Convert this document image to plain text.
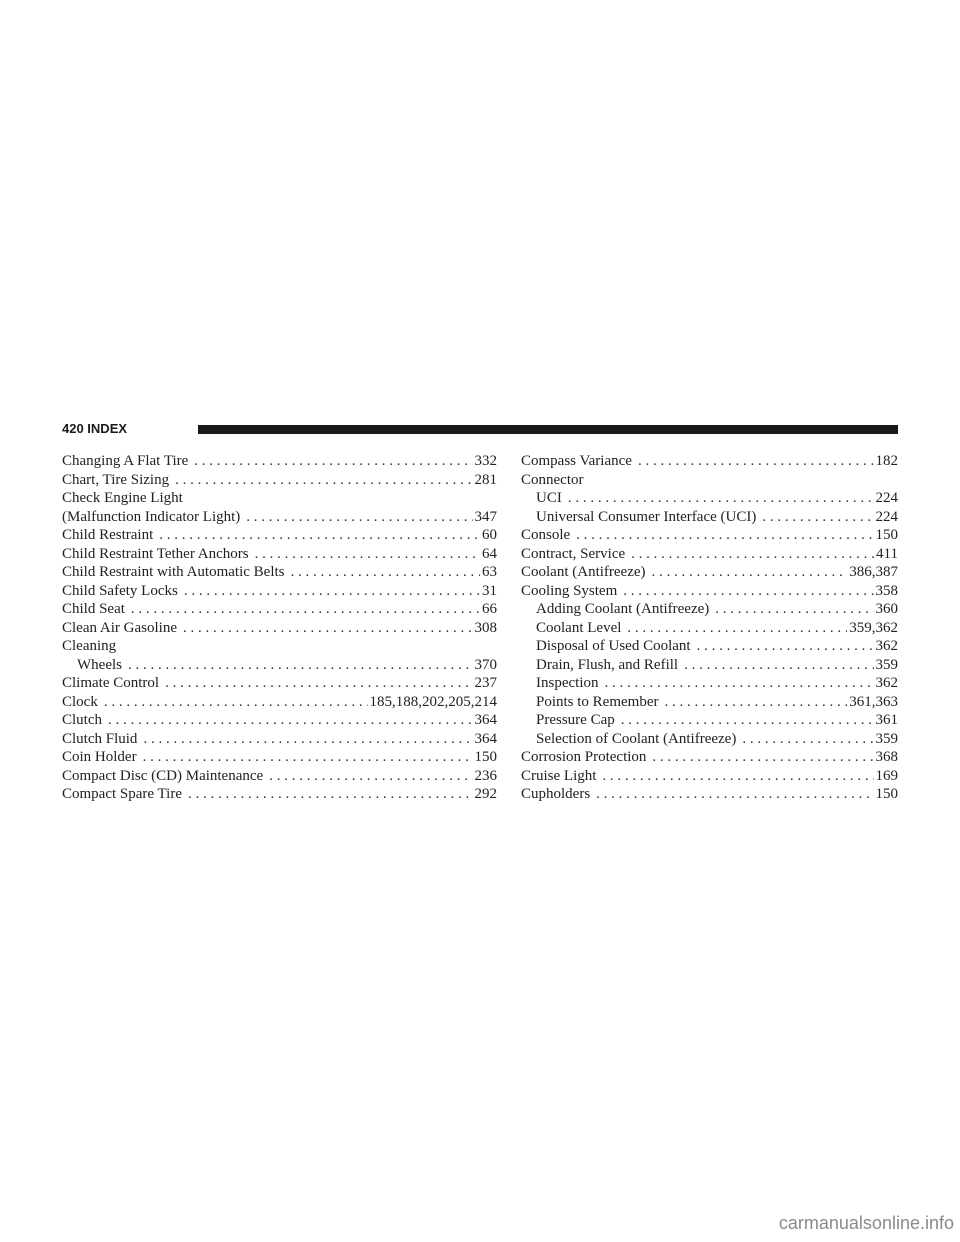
420 INDEX
Changing A Flat Tire . . .	332
Chart, Tire Sizing . . .	281
Check Engine Light
(Malfunction Indicator Light) . . .	347
Child Restraint . . .	60
Child Restraint Tether Anchors . . .	64
Child Restraint with Automatic Belts . . .	63
Child Safety Locks . . .	31
Child Seat . . .	66
Clean Air Gasoline . . .	308
Cleaning
Wheels . . .	370
Climate Control . . .	237
Clock . . .	185,188,202,205,214
Clutch . . .	364
Clutch Fluid . . .	364
Coin Holder . . .	150
Compact Disc (CD) Maintenance . . .	236
Compact Spare Tire . . .	292
Compass Variance . . .	182
Connector
UCI . . .	224
Universal Consumer Interface (UCI) . . .	224
Console . . .	150
Contract, Service . . .	411
Coolant (Antifreeze) . . .	386,387
Cooling System . . .	358
Adding Coolant (Antifreeze) . . .	360
Coolant Level . . .	359,362
Disposal of Used Coolant . . .	362
Drain, Flush, and Refill . . .	359
Inspection . . .	362
Points to Remember . . .	361,363
Pressure Cap . . .	361
Selection of Coolant (Antifreeze) . . .	359
Corrosion Protection . . .	368
Cruise Light . . .	169
Cupholders . . .	150
carmanualsonline.info
